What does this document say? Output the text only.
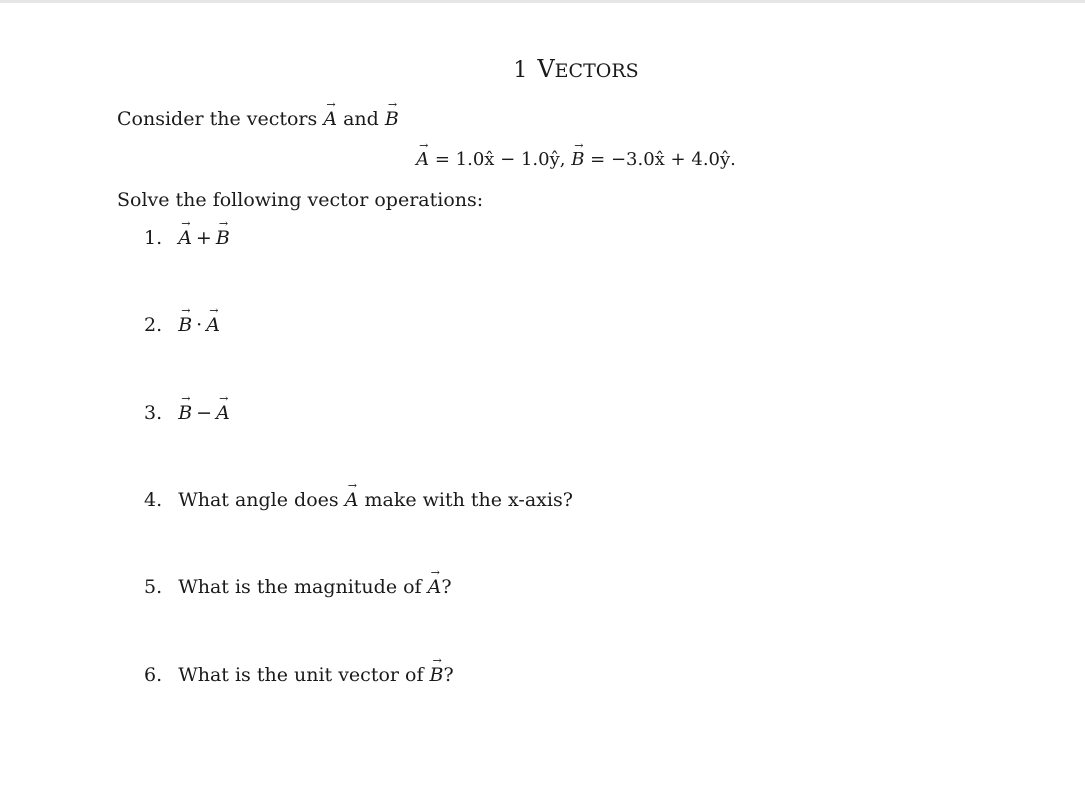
1 VECTORS
Consider the vectors
→
A and
→
B
→
A = 1.0x̂ − 1.0ŷ,
→
B = −3.0x̂ + 4.0ŷ.
Solve the following vector operations:
1.
→
A +
→
B
2.
→
B ·
→
A
3.
→
B −
→
A
4. What angle does
→
A make with the x-axis?
5. What is the magnitude of
→
A?
6. What is the unit vector of
→
B?
